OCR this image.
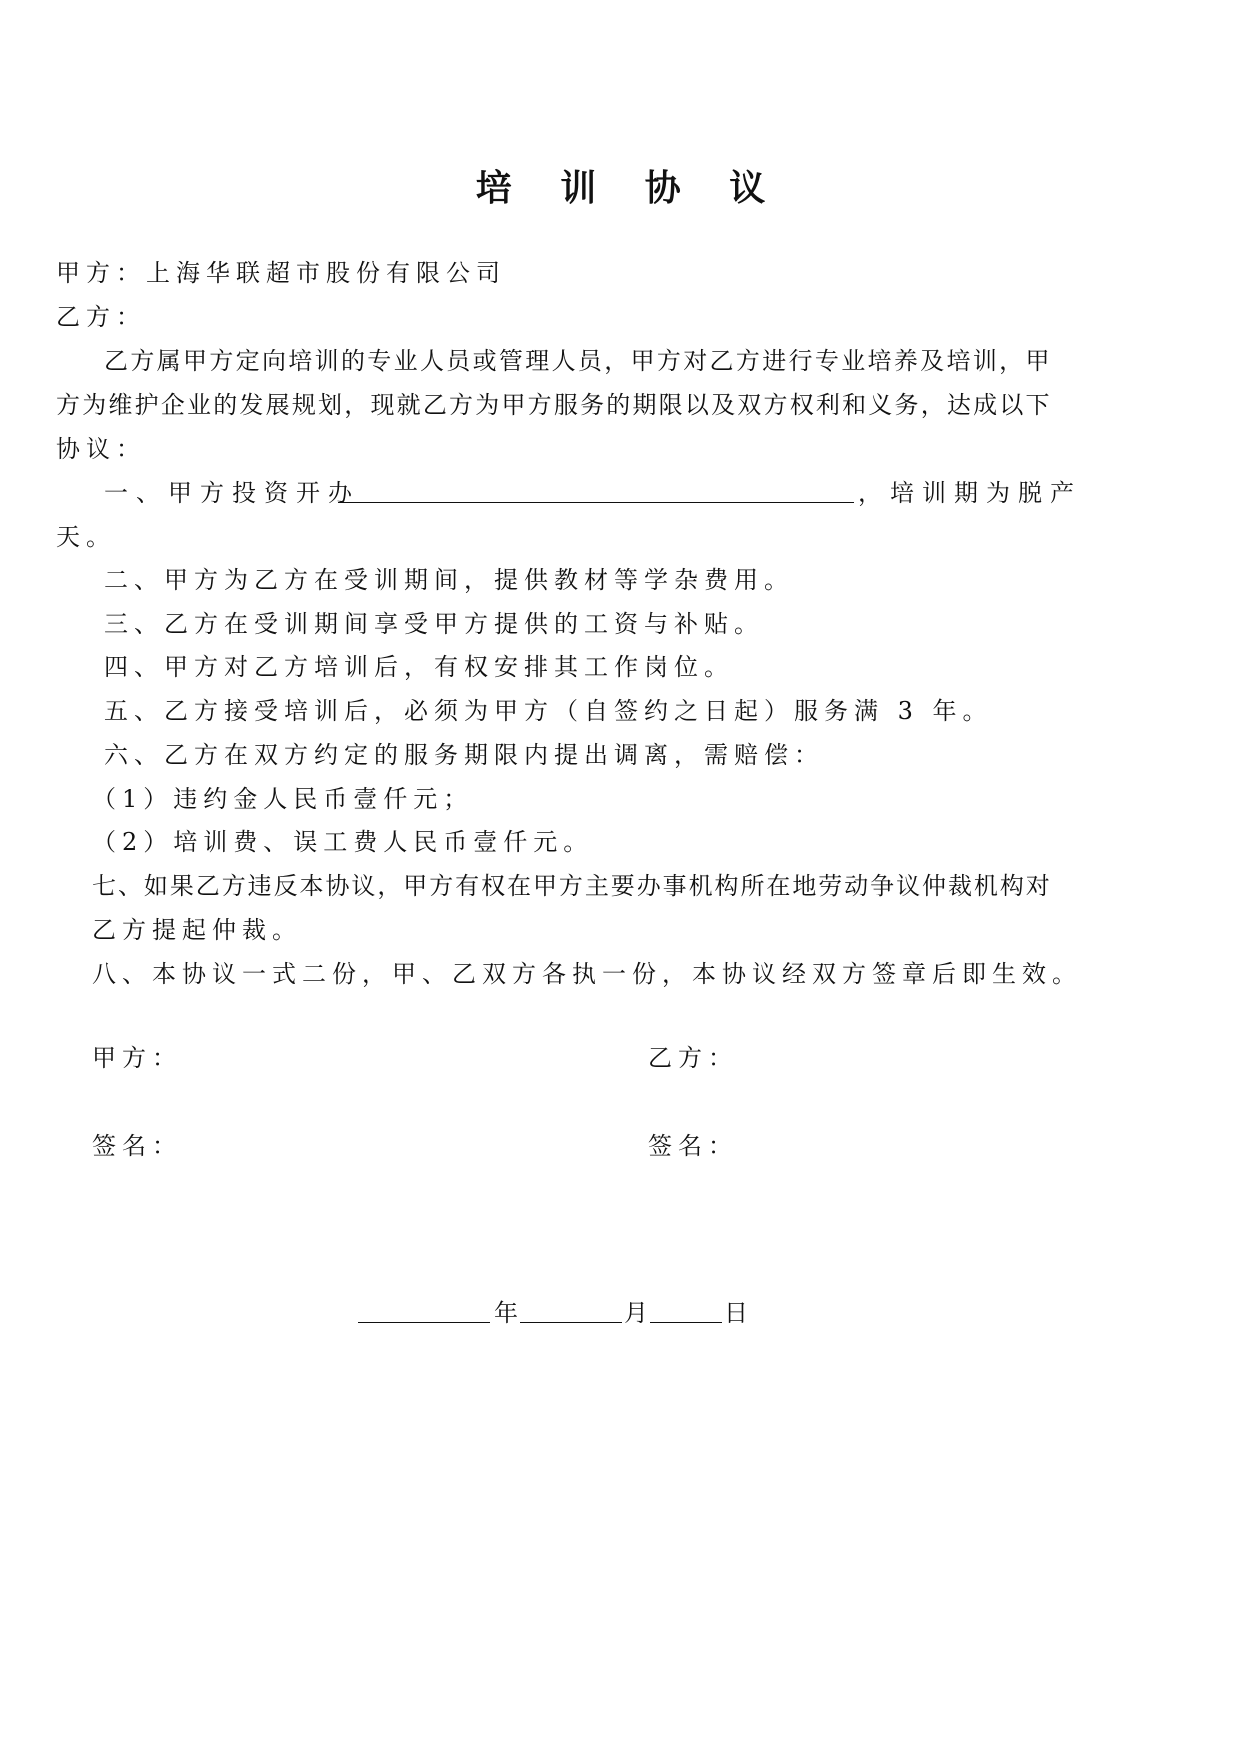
培 训 协 议
甲方：上海华联超市股份有限公司
乙方：
乙 方 属 甲 方 定 向 培 训 的 专 业 人 员 或 管 理 人 员 ， 甲 方 对 乙 方 进 行 专 业 培 养 及 培 训 ， 甲
方 为 维 护 企 业 的 发 展 规 划 ， 现 就 乙 方 为 甲 方 服 务 的 期 限 以 及 双 方 权 利 和 义 务 ， 达 成 以 下
协议：
一、甲方投资开办	，培训期为脱产
天。
二、甲方为乙方在受训期间，提供教材等学杂费用。
三、乙方在受训期间享受甲方提供的工资与补贴。
四、甲方对乙方培训后，有权安排其工作岗位。
五、乙方接受培训后，必须为甲方（自签约之日起）服务满 3 年。
六、乙方在双方约定的服务期限内提出调离，需赔偿：
（1）违约金人民币壹仟元；
（2）培训费、误工费人民币壹仟元。
七 、 如 果 乙 方 违 反 本 协 议 ， 甲 方 有 权 在 甲 方 主 要 办 事 机 构 所 在 地 劳 动 争 议 仲 裁 机 构 对
乙方提起仲裁。
八、本协议一式二份，甲、乙双方各执一份，本协议经双方签章后即生效。
甲方：	乙方：
签名：	签名：
年	月	日
